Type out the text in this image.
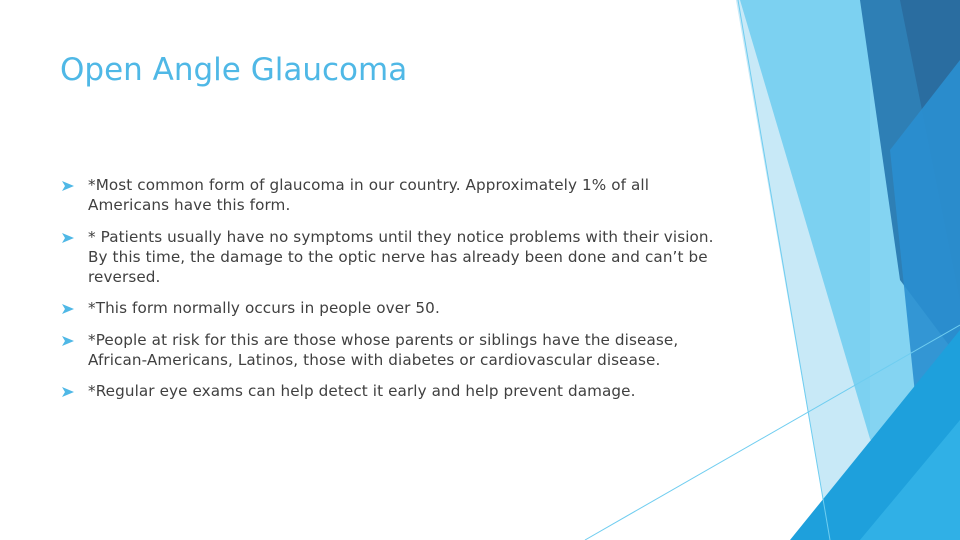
Open Angle Glaucoma
*Most common form of glaucoma in our country. Approximately 1% of all Americans have this form.
* Patients usually have no symptoms until they notice problems with their vision. By this time, the damage to the optic nerve has already been done and can’t be reversed.
*This form normally occurs in people over 50.
*People at risk for this are those whose parents or siblings have the disease, African-Americans, Latinos, those with diabetes or cardiovascular disease.
*Regular eye exams can help detect it early and help prevent damage.
